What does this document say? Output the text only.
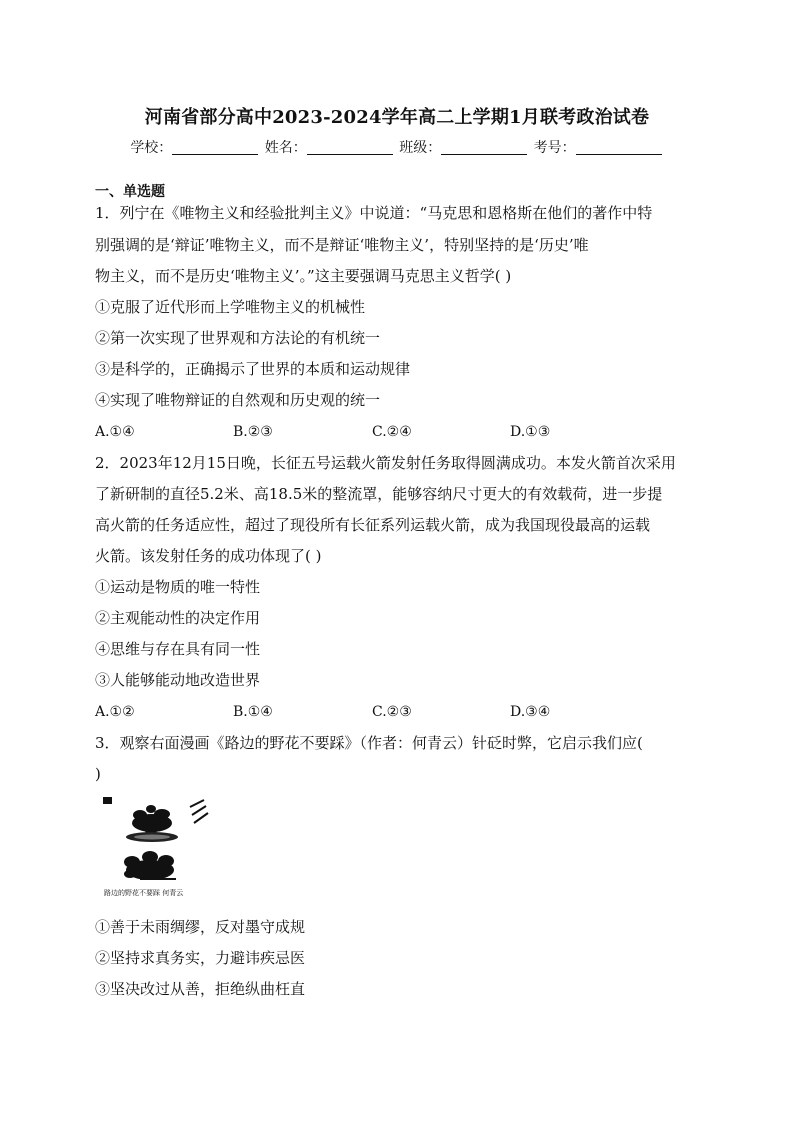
河南省部分高中2023-2024学年高二上学期1月联考政治试卷
学校：	姓名：	班级：	考号：
一、单选题
1．列宁在《唯物主义和经验批判主义》中说道：“马克思和恩格斯在他们的著作中特
别强调的是‘辩证’唯物主义，而不是辩证‘唯物主义’，特别坚持的是‘历史’唯
物主义，而不是历史‘唯物主义’。”这主要强调马克思主义哲学( )
①克服了近代形而上学唯物主义的机械性
②第一次实现了世界观和方法论的有机统一
③是科学的，正确揭示了世界的本质和运动规律
④实现了唯物辩证的自然观和历史观的统一
A.①④	B.②③	C.②④	D.①③
2．2023年12月15日晚，长征五号运载火箭发射任务取得圆满成功。本发火箭首次采用
了新研制的直径5.2米、高18.5米的整流罩，能够容纳尺寸更大的有效载荷，进一步提
高火箭的任务适应性，超过了现役所有长征系列运载火箭，成为我国现役最高的运载
火箭。该发射任务的成功体现了( )
①运动是物质的唯一特性
②主观能动性的决定作用
④思维与存在具有同一性
③人能够能动地改造世界
A.①②	B.①④	C.②③	D.③④
3．观察右面漫画《路边的野花不要踩》（作者：何青云）针砭时弊，它启示我们应(
)
路边的野花不要踩 何青云
①善于未雨绸缪，反对墨守成规
②坚持求真务实，力避讳疾忌医
③坚决改过从善，拒绝纵曲枉直
